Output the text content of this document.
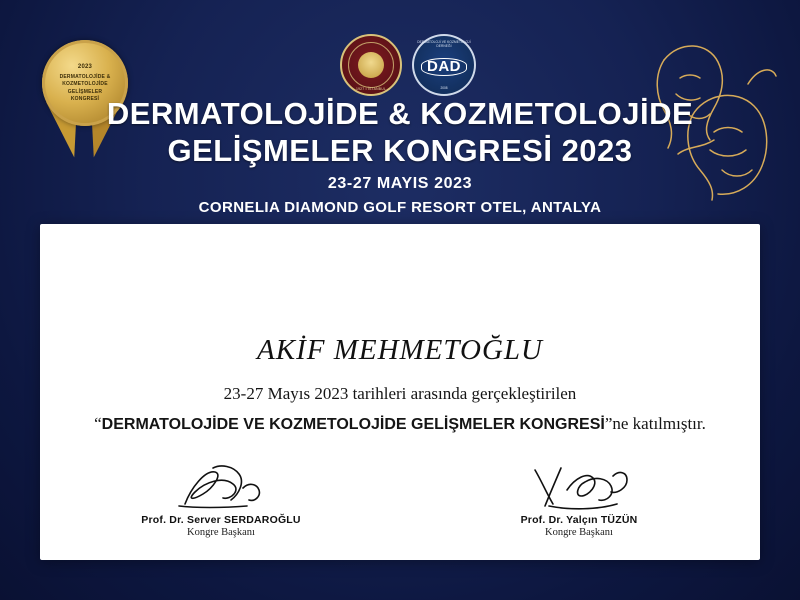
2023
DERMATOLOJİDE &
KOZMETOLOJİDE
GELİŞMELER
KONGRESİ
1927 • İSTANBUL
DERMATOLOJİ VE KOZMETOLOJİ DERNEĞİ
DAD
2008
DERMATOLOJİDE & KOZMETOLOJİDE
GELİŞMELER KONGRESİ 2023
23-27 MAYIS 2023
CORNELIA DIAMOND GOLF RESORT OTEL, ANTALYA
AKİF MEHMETOĞLU
23-27 Mayıs 2023 tarihleri arasında gerçekleştirilen
“DERMATOLOJİDE VE KOZMETOLOJİDE GELİŞMELER KONGRESİ”ne katılmıştır.
Prof. Dr. Server SERDAROĞLU
Kongre Başkanı
Prof. Dr. Yalçın TÜZÜN
Kongre Başkanı
